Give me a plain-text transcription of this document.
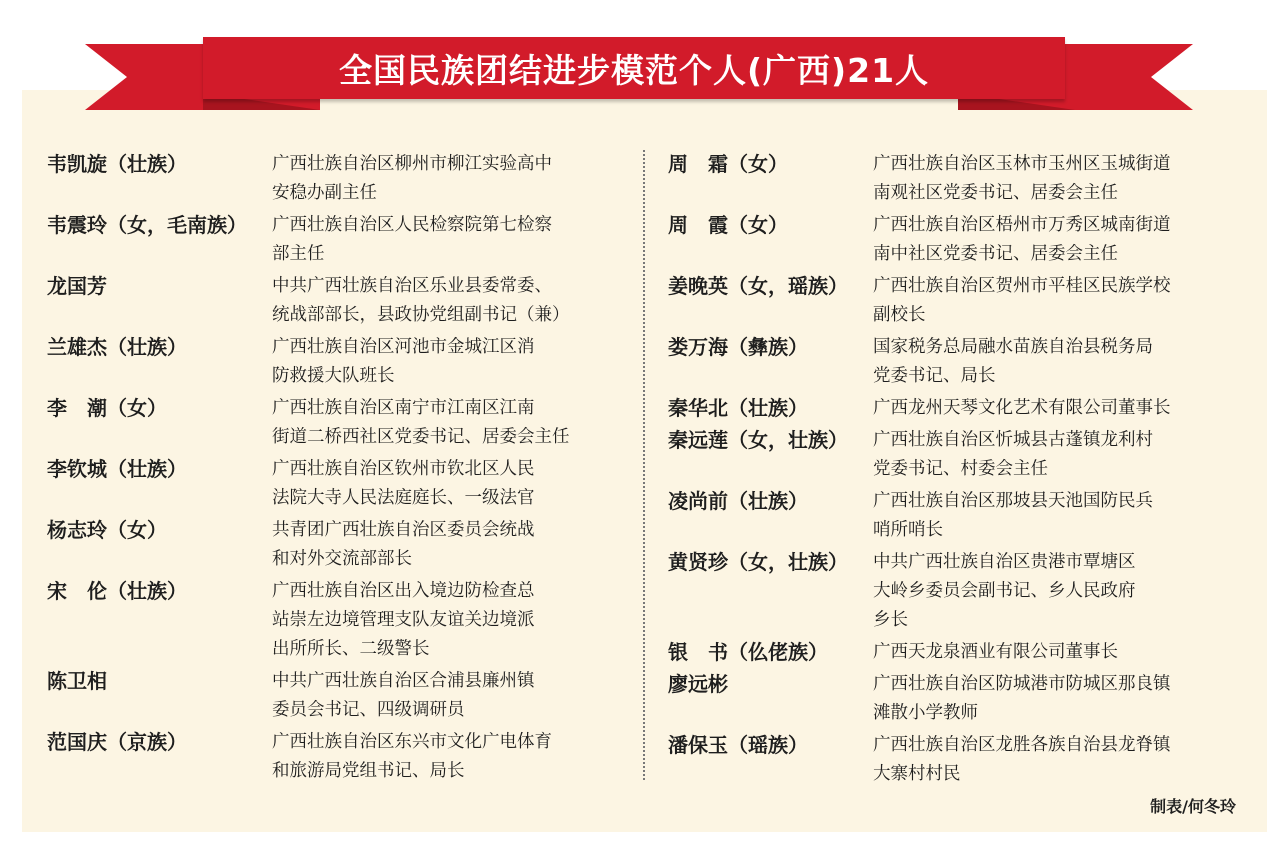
全国民族团结进步模范个人(广西)21人
韦凯旋（壮族）	广西壮族自治区柳州市柳江实验高中
安稳办副主任
韦震玲（女，毛南族）	广西壮族自治区人民检察院第七检察
部主任
龙国芳	中共广西壮族自治区乐业县委常委、
统战部部长，县政协党组副书记（兼）
兰雄杰（壮族）	广西壮族自治区河池市金城江区消
防救援大队班长
李　潮（女）	广西壮族自治区南宁市江南区江南
街道二桥西社区党委书记、居委会主任
李钦城（壮族）	广西壮族自治区钦州市钦北区人民
法院大寺人民法庭庭长、一级法官
杨志玲（女）	共青团广西壮族自治区委员会统战
和对外交流部部长
宋　伦（壮族）	广西壮族自治区出入境边防检查总
站崇左边境管理支队友谊关边境派
出所所长、二级警长
陈卫相	中共广西壮族自治区合浦县廉州镇
委员会书记、四级调研员
范国庆（京族）	广西壮族自治区东兴市文化广电体育
和旅游局党组书记、局长
周　霜（女）	广西壮族自治区玉林市玉州区玉城街道
南观社区党委书记、居委会主任
周　霞（女）	广西壮族自治区梧州市万秀区城南街道
南中社区党委书记、居委会主任
姜晚英（女，瑶族）	广西壮族自治区贺州市平桂区民族学校
副校长
娄万海（彝族）	国家税务总局融水苗族自治县税务局
党委书记、局长
秦华北（壮族）	广西龙州天琴文化艺术有限公司董事长
秦远莲（女，壮族）	广西壮族自治区忻城县古蓬镇龙利村
党委书记、村委会主任
凌尚前（壮族）	广西壮族自治区那坡县天池国防民兵
哨所哨长
黄贤珍（女，壮族）	中共广西壮族自治区贵港市覃塘区
大岭乡委员会副书记、乡人民政府
乡长
银　书（仫佬族）	广西天龙泉酒业有限公司董事长
廖远彬	广西壮族自治区防城港市防城区那良镇
滩散小学教师
潘保玉（瑶族）	广西壮族自治区龙胜各族自治县龙脊镇
大寨村村民
制表/何冬玲
